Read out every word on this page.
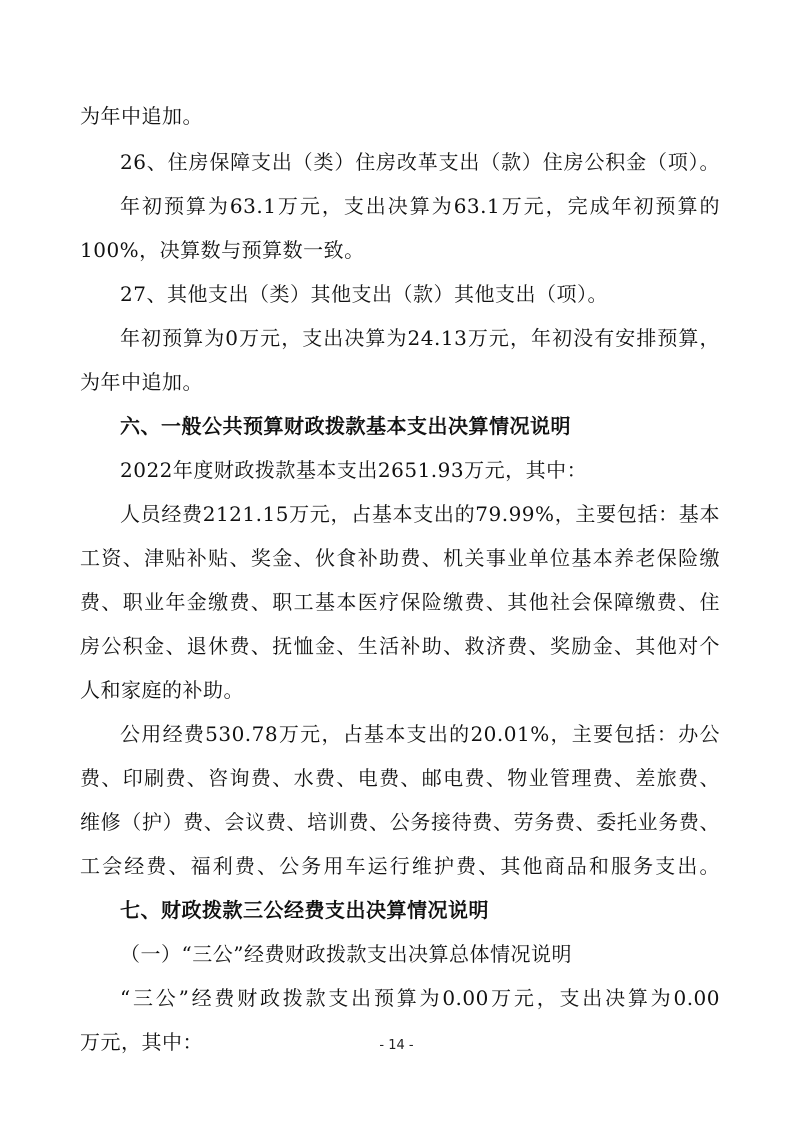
为年中追加。
26、住房保障支出（类）住房改革支出（款）住房公积金（项）。
年初预算为63.1万元，支出决算为63.1万元，完成年初预算的
100%，决算数与预算数一致。
27、其他支出（类）其他支出（款）其他支出（项）。
年初预算为0万元，支出决算为24.13万元，年初没有安排预算，
为年中追加。
六、一般公共预算财政拨款基本支出决算情况说明
2022年度财政拨款基本支出2651.93万元，其中：
人员经费2121.15万元，占基本支出的79.99%，主要包括：基本
工资、津贴补贴、奖金、伙食补助费、机关事业单位基本养老保险缴
费、职业年金缴费、职工基本医疗保险缴费、其他社会保障缴费、住
房公积金、退休费、抚恤金、生活补助、救济费、奖励金、其他对个
人和家庭的补助。
公用经费530.78万元，占基本支出的20.01%，主要包括：办公
费、印刷费、咨询费、水费、电费、邮电费、物业管理费、差旅费、
维修（护）费、会议费、培训费、公务接待费、劳务费、委托业务费、
工会经费、福利费、公务用车运行维护费、其他商品和服务支出。
七、财政拨款三公经费支出决算情况说明
（一）“三公”经费财政拨款支出决算总体情况说明
“三公”经费财政拨款支出预算为0.00万元，支出决算为0.00
万元，其中：	- 14 -
